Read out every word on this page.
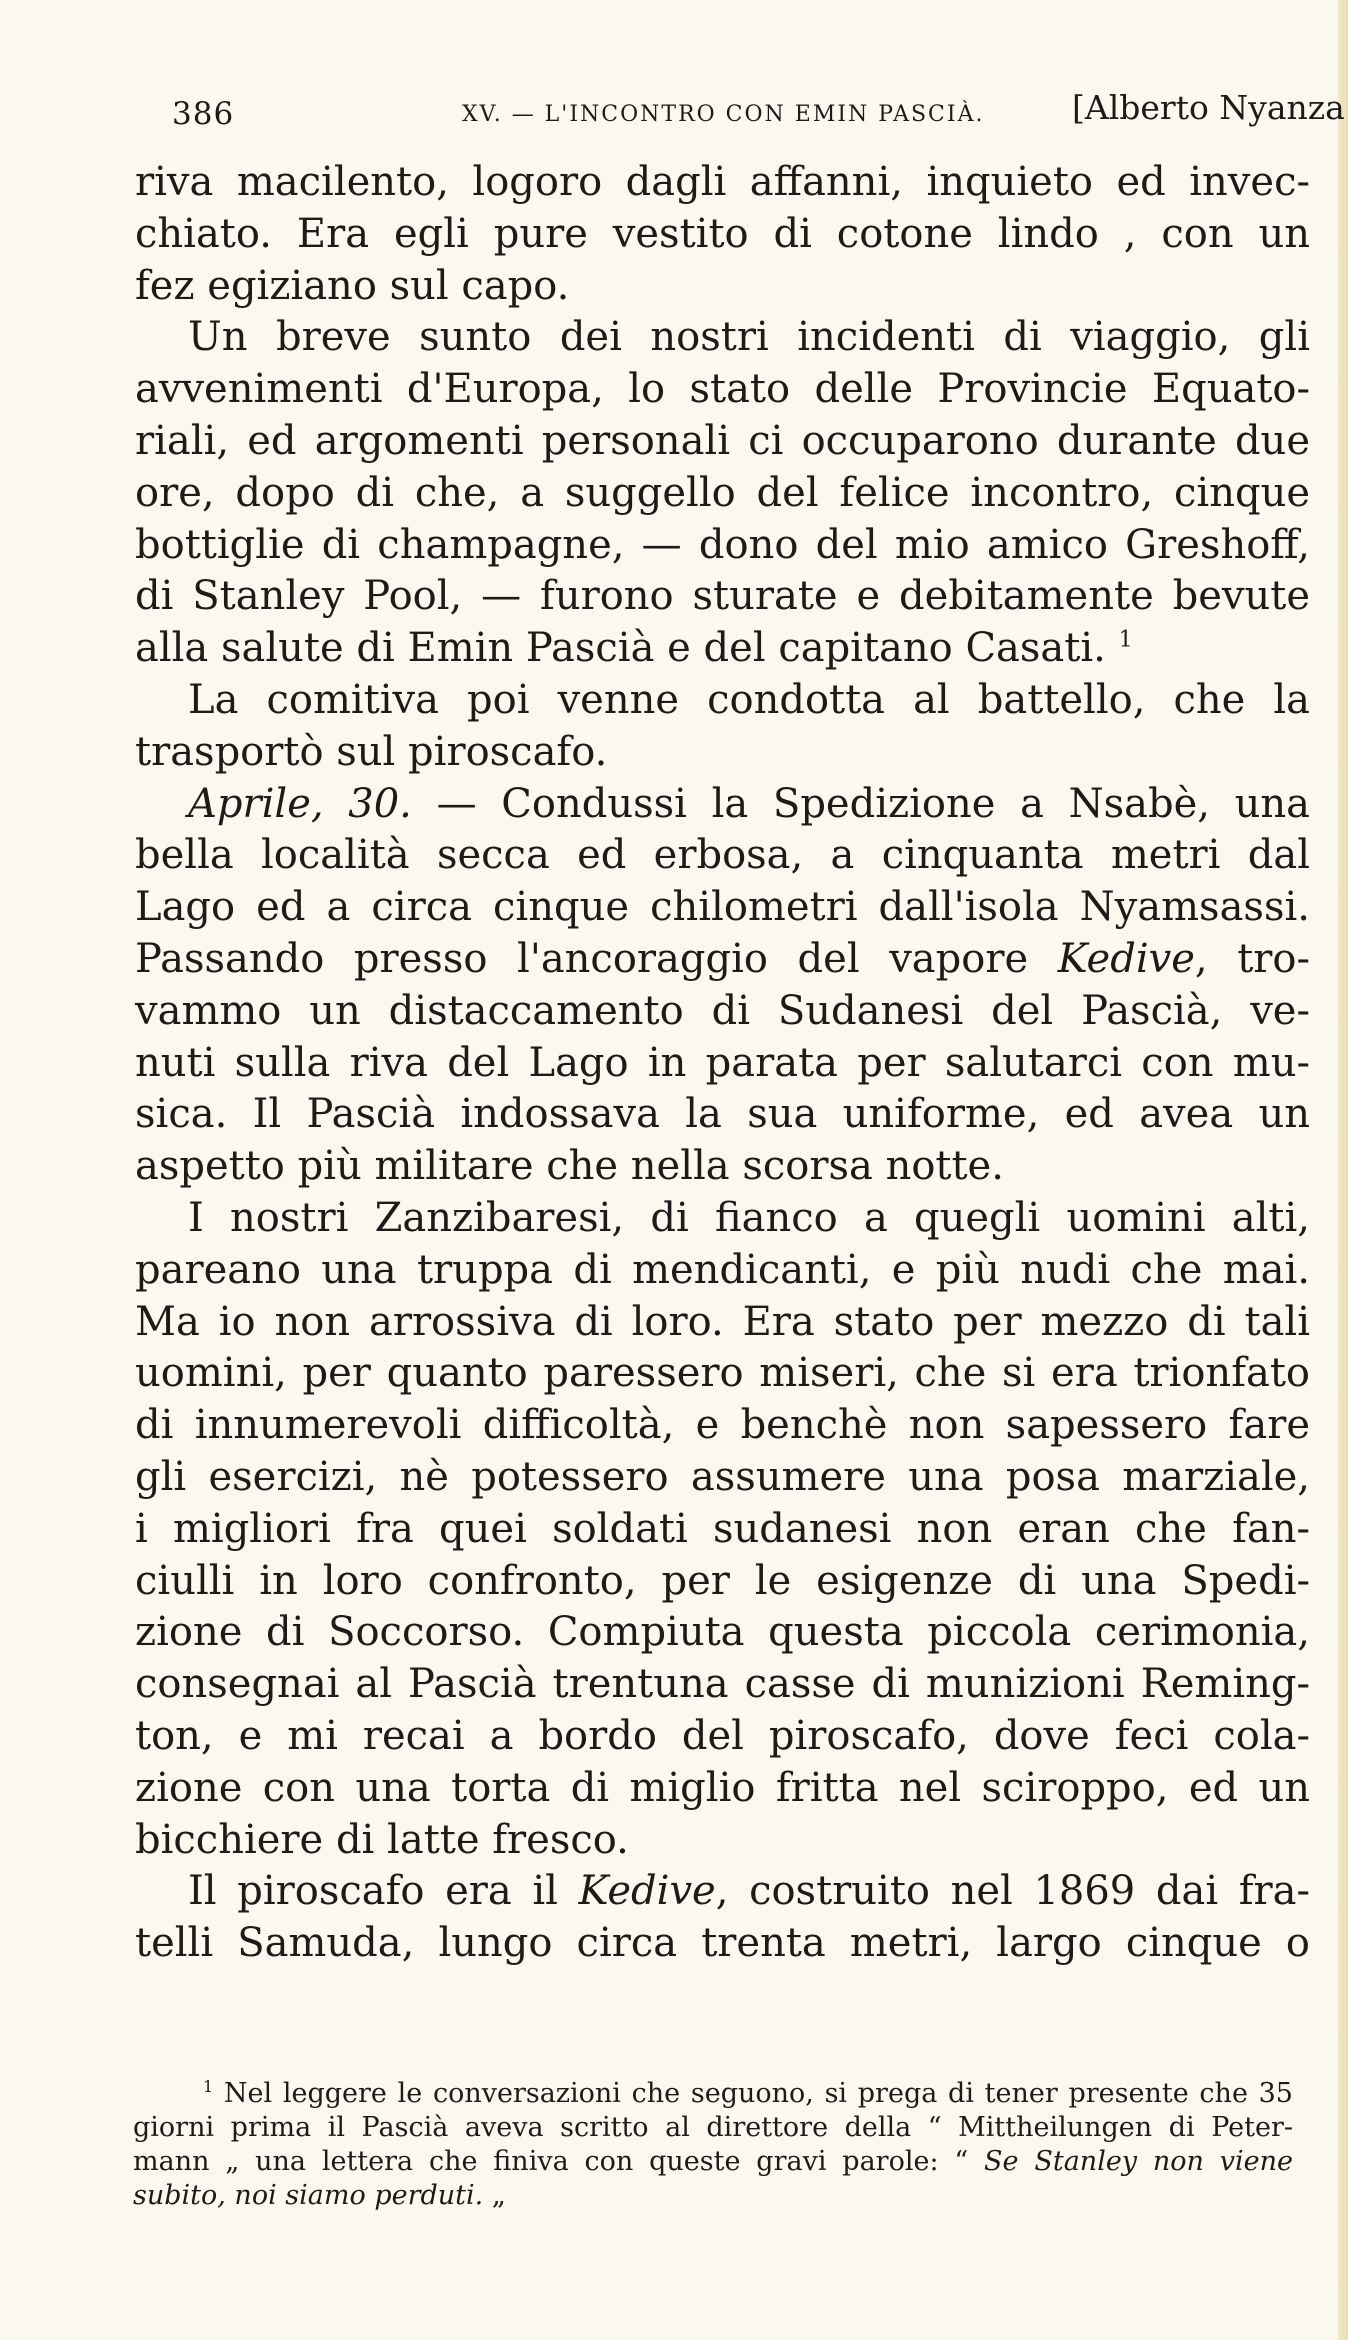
386	XV. — L'INCONTRO CON EMIN PASCIÀ.	[Alberto Nyanza
riva macilento, logoro dagli affanni, inquieto ed invec-
chiato. Era egli pure vestito di cotone lindo , con un
fez egiziano sul capo.
Un breve sunto dei nostri incidenti di viaggio, gli
avvenimenti d'Europa, lo stato delle Provincie Equato-
riali, ed argomenti personali ci occuparono durante due
ore, dopo di che, a suggello del felice incontro, cinque
bottiglie di champagne, — dono del mio amico Greshoff,
di Stanley Pool, — furono sturate e debitamente bevute
alla salute di Emin Pascià e del capitano Casati. $^1$
La comitiva poi venne condotta al battello, che la
trasportò sul piroscafo.
Aprile, 30. — Condussi la Spedizione a Nsabè, una
bella località secca ed erbosa, a cinquanta metri dal
Lago ed a circa cinque chilometri dall'isola Nyamsassi.
Passando presso l'ancoraggio del vapore Kedive, tro-
vammo un distaccamento di Sudanesi del Pascià, ve-
nuti sulla riva del Lago in parata per salutarci con mu-
sica. Il Pascià indossava la sua uniforme, ed avea un
aspetto più militare che nella scorsa notte.
I nostri Zanzibaresi, di fianco a quegli uomini alti,
pareano una truppa di mendicanti, e più nudi che mai.
Ma io non arrossiva di loro. Era stato per mezzo di tali
uomini, per quanto paressero miseri, che si era trionfato
di innumerevoli difficoltà, e benchè non sapessero fare
gli esercizi, nè potessero assumere una posa marziale,
i migliori fra quei soldati sudanesi non eran che fan-
ciulli in loro confronto, per le esigenze di una Spedi-
zione di Soccorso. Compiuta questa piccola cerimonia,
consegnai al Pascià trentuna casse di munizioni Reming-
ton, e mi recai a bordo del piroscafo, dove feci cola-
zione con una torta di miglio fritta nel sciroppo, ed un
bicchiere di latte fresco.
Il piroscafo era il Kedive, costruito nel 1869 dai fra-
telli Samuda, lungo circa trenta metri, largo cinque o
$^1$ Nel leggere le conversazioni che seguono, si prega di tener presente che 35
giorni prima il Pascià aveva scritto al direttore della “ Mittheilungen di Peter-
mann „ una lettera che finiva con queste gravi parole: “ Se Stanley non viene
subito, noi siamo perduti. „
